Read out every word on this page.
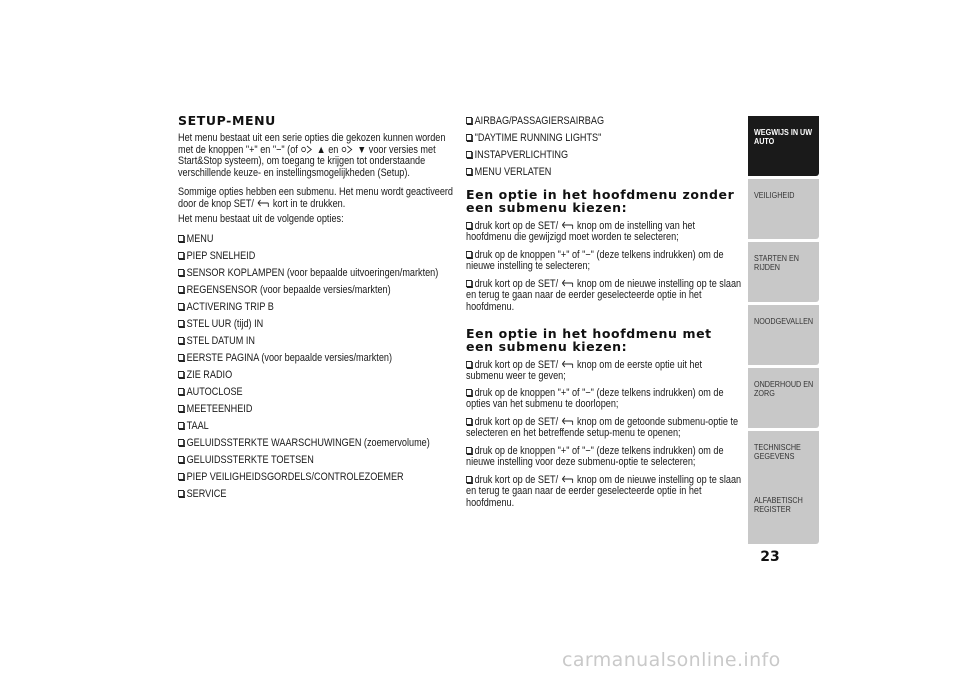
SETUP-MENU

Het menu bestaat uit een serie opties die gekozen kunnen worden met de knoppen "+" en "−" (of ▲ en ▼ voor versies met Start&Stop systeem), om toegang te krijgen tot onderstaande verschillende keuze- en instellingsmogelijkheden (Setup).

Sommige opties hebben een submenu. Het menu wordt geactiveerd door de knop SET/ kort in te drukken.

Het menu bestaat uit de volgende opties:

MENU
PIEP SNELHEID
SENSOR KOPLAMPEN (voor bepaalde uitvoeringen/markten)
REGENSENSOR (voor bepaalde versies/markten)
ACTIVERING TRIP B
STEL UUR (tijd) IN
STEL DATUM IN
EERSTE PAGINA (voor bepaalde versies/markten)
ZIE RADIO
AUTOCLOSE
MEETEENHEID
TAAL
GELUIDSSTERKTE WAARSCHUWINGEN (zoemervolume)
GELUIDSSTERKTE TOETSEN
PIEP VEILIGHEIDSGORDELS/CONTROLEZOEMER
SERVICE
AIRBAG/PASSAGIERSAIRBAG
"DAYTIME RUNNING LIGHTS"
INSTAPVERLICHTING
MENU VERLATEN
Een optie in het hoofdmenu zonder een submenu kiezen:
druk kort op de SET/ knop om de instelling van het hoofdmenu die gewijzigd moet worden te selecteren;
druk op de knoppen "+" of "−" (deze telkens indrukken) om de nieuwe instelling te selecteren;
druk kort op de SET/ knop om de nieuwe instelling op te slaan en terug te gaan naar de eerder geselecteerde optie in het hoofdmenu.
Een optie in het hoofdmenu met een submenu kiezen:
druk kort op de SET/ knop om de eerste optie uit het submenu weer te geven;
druk op de knoppen "+" of "−" (deze telkens indrukken) om de opties van het submenu te doorlopen;
druk kort op de SET/ knop om de getoonde submenu-optie te selecteren en het betreffende setup-menu te openen;
druk op de knoppen "+" of "−" (deze telkens indrukken) om de nieuwe instelling voor deze submenu-optie te selecteren;
druk kort op de SET/ knop om de nieuwe instelling op te slaan en terug te gaan naar de eerder geselecteerde optie in het hoofdmenu.
WEGWIJS IN UW AUTO
VEILIGHEID
STARTEN EN RIJDEN
NOODGEVALLEN
ONDERHOUD EN ZORG
TECHNISCHE GEGEVENS
ALFABETISCH REGISTER
23
carmanualsonline.info
